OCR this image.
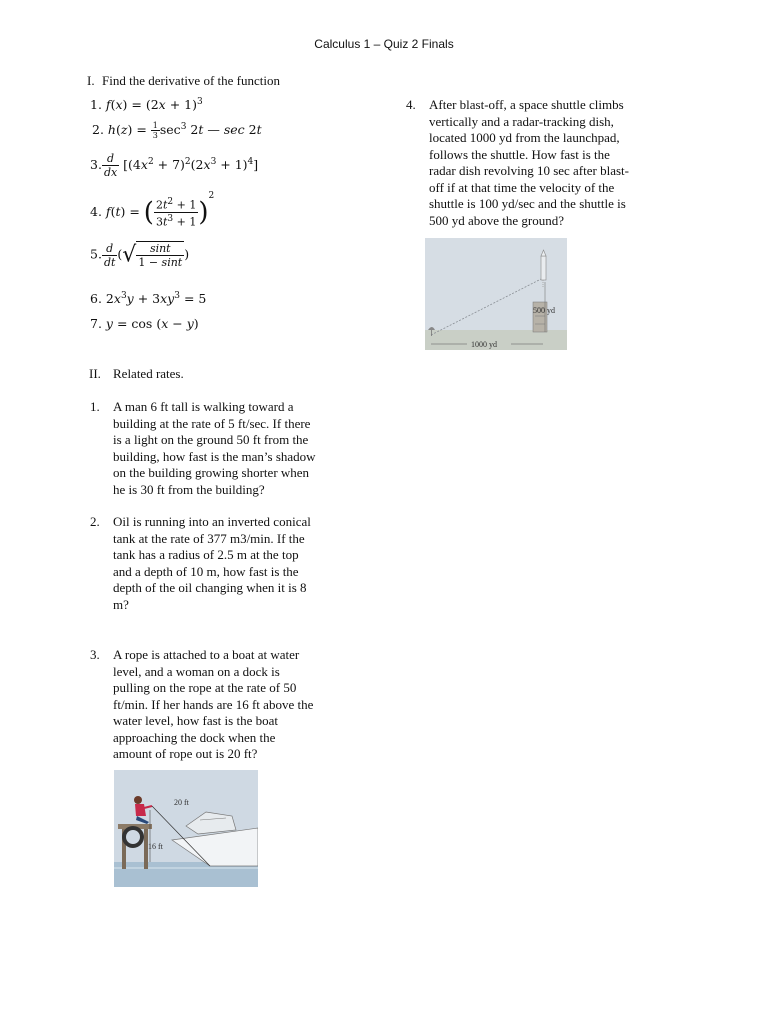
Calculus 1 – Quiz 2 Finals
I. Find the derivative of the function
1. $f(x) = (2x + 1)^3$
2. $h(z) = \frac{1}{3} \sec^3 2t$ — sec 2t
3. $\frac{d}{dx} [(4x^2 + 7)^2(2x^3 + 1)^4]$
4. f(t) = ( $\frac{2t^2 + 1}{3t^3 + 1} )^2$
5. $\frac{d}{dt}$ (√ $\frac{\sin t}{1 - \sin t}$ )
6. $2x^3y + 3xy^3 = 5$
7. y = cos (x − y)
II. Related rates.
1. A man 6 ft tall is walking toward a
building at the rate of 5 ft/sec. If there
is a light on the ground 50 ft from the
building, how fast is the man’s shadow
on the building growing shorter when
he is 30 ft from the building?
2. Oil is running into an inverted conical
tank at the rate of 377 m3/min. If the
tank has a radius of 2.5 m at the top
and a depth of 10 m, how fast is the
depth of the oil changing when it is 8
m?
3. A rope is attached to a boat at water
level, and a woman on a dock is
pulling on the rope at the rate of 50
ft/min. If her hands are 16 ft above the
water level, how fast is the boat
approaching the dock when the
amount of rope out is 20 ft?
4. After blast-off, a space shuttle climbs
vertically and a radar-tracking dish,
located 1000 yd from the launchpad,
follows the shuttle. How fast is the
radar dish revolving 10 sec after blast-
off if at that time the velocity of the
shuttle is 100 yd/sec and the shuttle is
500 yd above the ground?
500 yd
1000 yd
20 ft
16 ft
